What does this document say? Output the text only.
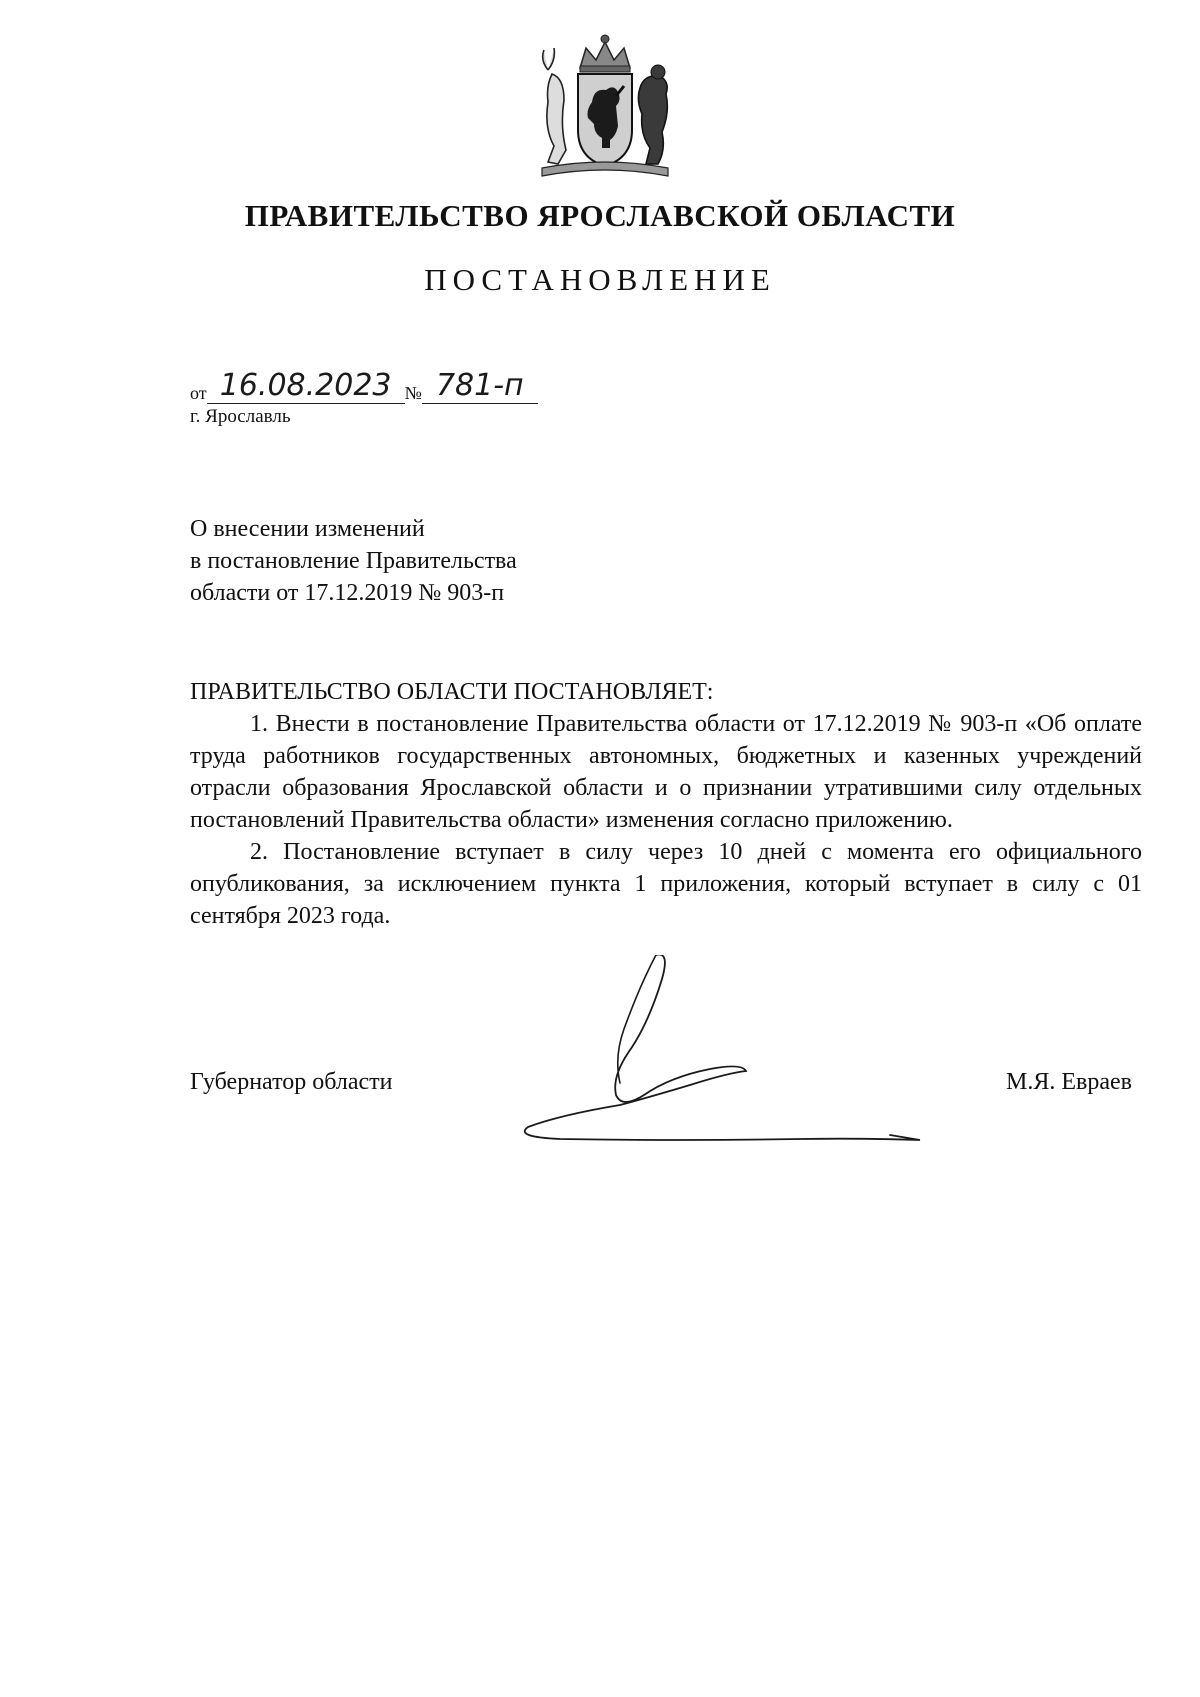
ПРАВИТЕЛЬСТВО ЯРОСЛАВСКОЙ ОБЛАСТИ
ПОСТАНОВЛЕНИЕ
от 16.08.2023 № 781-п
г. Ярославль
О внесении изменений
в постановление Правительства
области от 17.12.2019 № 903-п
ПРАВИТЕЛЬСТВО ОБЛАСТИ ПОСТАНОВЛЯЕТ:

1. Внести в постановление Правительства области от 17.12.2019 № 903-п «Об оплате труда работников государственных автономных, бюджетных и казенных учреждений отрасли образования Ярославской области и о признании утратившими силу отдельных постановлений Правительства области» изменения согласно приложению.

2. Постановление вступает в силу через 10 дней с момента его официального опубликования, за исключением пункта 1 приложения, который вступает в силу с 01 сентября 2023 года.

Губернатор области	М.Я. Евраев
